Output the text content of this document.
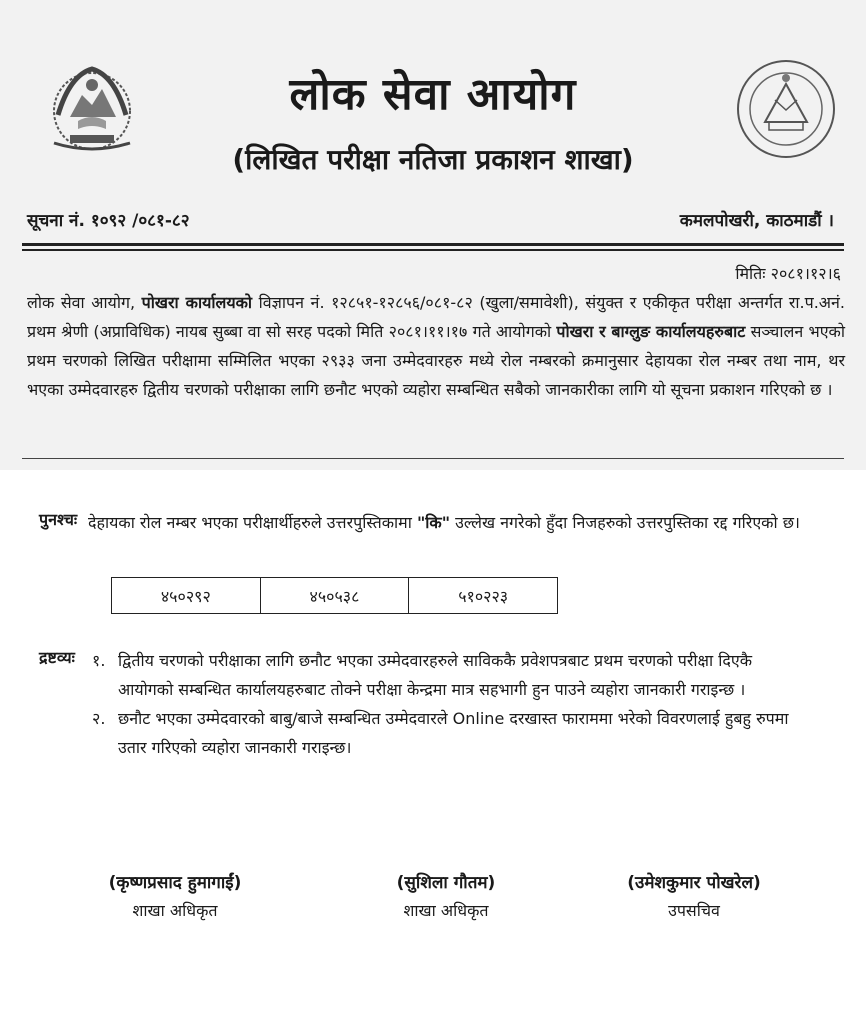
लोक सेवा आयोग
(लिखित परीक्षा नतिजा प्रकाशन शाखा)
सूचना नं. १०९२ /०८१-८२	कमलपोखरी, काठमाडौं ।
मितिः २०८१।१२।६
लोक सेवा आयोग, पोखरा कार्यालयको विज्ञापन नं. १२८५१-१२८५६/०८१-८२ (खुला/समावेशी), संयुक्त र एकीकृत परीक्षा अन्तर्गत रा.प.अनं. प्रथम श्रेणी (अप्राविधिक) नायब सुब्बा वा सो सरह पदको मिति २०८१।११।१७ गते आयोगको पोखरा र बाग्लुङ कार्यालयहरुबाट सञ्चालन भएको प्रथम चरणको लिखित परीक्षामा सम्मिलित भएका २९३३ जना उम्मेदवारहरु मध्ये रोल नम्बरको क्रमानुसार देहायका रोल नम्बर तथा नाम, थर भएका उम्मेदवारहरु द्वितीय चरणको परीक्षाका लागि छनौट भएको व्यहोरा सम्बन्धित सबैको जानकारीका लागि यो सूचना प्रकाशन गरिएको छ ।
पुनश्चः देहायका रोल नम्बर भएका परीक्षार्थीहरुले उत्तरपुस्तिकामा "कि" उल्लेख नगरेको हुँदा निजहरुको उत्तरपुस्तिका रद्द गरिएको छ।
४५०२९२	४५०५३८	५१०२२३
द्रष्टव्यः १. द्वितीय चरणको परीक्षाका लागि छनौट भएका उम्मेदवारहरुले साविककै प्रवेशपत्रबाट प्रथम चरणको परीक्षा दिएकै आयोगको सम्बन्धित कार्यालयहरुबाट तोक्ने परीक्षा केन्द्रमा मात्र सहभागी हुन पाउने व्यहोरा जानकारी गराइन्छ ।
२. छनौट भएका उम्मेदवारको बाबु/बाजे सम्बन्धित उम्मेदवारले Online दरखास्त फाराममा भरेको विवरणलाई हुबहु रुपमा उतार गरिएको व्यहोरा जानकारी गराइन्छ।
(कृष्णप्रसाद हुमागाईं)
शाखा अधिकृत
(सुशिला गौतम)
शाखा अधिकृत
(उमेशकुमार पोखरेल)
उपसचिव
